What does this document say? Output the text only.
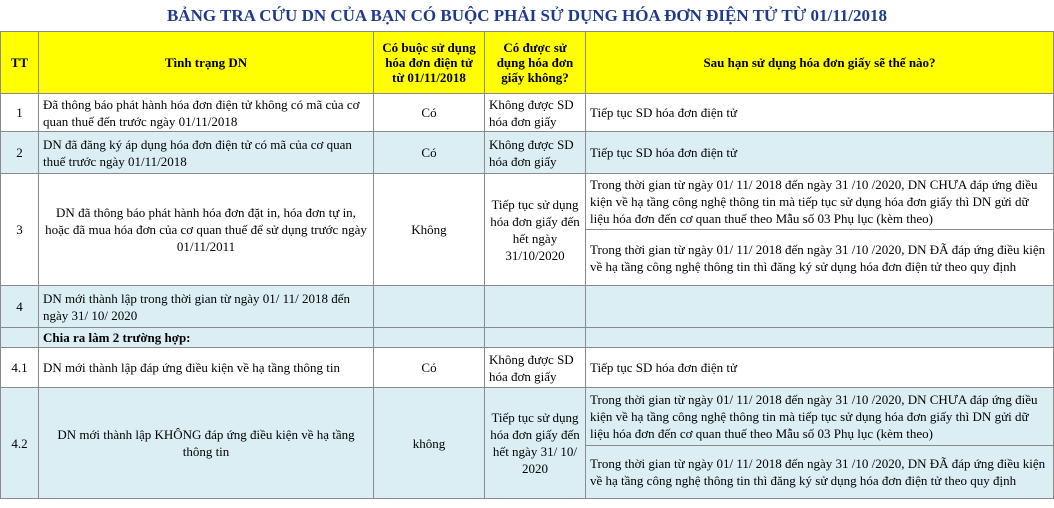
BẢNG TRA CỨU DN CỦA BẠN CÓ BUỘC PHẢI SỬ DỤNG HÓA ĐƠN ĐIỆN TỬ TỪ 01/11/2018
TT	Tình trạng DN	Có buộc sử dụng hóa đơn điện tử từ 01/11/2018	Có được sử dụng hóa đơn giấy không?	Sau hạn sử dụng hóa đơn giấy sẽ thế nào?
1	Đã thông báo phát hành hóa đơn điện tử không có mã của cơ quan thuế đến trước ngày 01/11/2018	Có	Không được SD hóa đơn giấy	Tiếp tục SD hóa đơn điện tử
2	DN đã đăng ký áp dụng hóa đơn điện tử có mã của cơ quan thuế trước ngày 01/11/2018	Có	Không được SD hóa đơn giấy	Tiếp tục SD hóa đơn điện tử
3	DN đã thông báo phát hành hóa đơn đặt in, hóa đơn tự in, hoặc đã mua hóa đơn của cơ quan thuế để sử dụng trước ngày 01/11/2011	Không	Tiếp tục sử dụng hóa đơn giấy đến hết ngày 31/10/2020	Trong thời gian từ ngày 01/ 11/ 2018 đến ngày 31 /10 /2020, DN CHƯA đáp ứng điều kiện về hạ tầng công nghệ thông tin mà tiếp tục sử dụng hóa đơn giấy thì DN gửi dữ liệu hóa đơn đến cơ quan thuế theo Mẫu số 03 Phụ lục (kèm theo)
				Trong thời gian từ ngày 01/ 11/ 2018 đến ngày 31 /10 /2020, DN ĐÃ đáp ứng điều kiện về hạ tầng công nghệ thông tin thì đăng ký sử dụng hóa đơn điện tử theo quy định
4	DN mới thành lập trong thời gian từ ngày 01/ 11/ 2018 đến ngày 31/ 10/ 2020			
	Chia ra làm 2 trường hợp:			
4.1	DN mới thành lập đáp ứng điều kiện về hạ tầng thông tin	Có	Không được SD hóa đơn giấy	Tiếp tục SD hóa đơn điện tử
4.2	DN mới thành lập KHÔNG đáp ứng điều kiện về hạ tầng thông tin	không	Tiếp tục sử dụng hóa đơn giấy đến hết ngày 31/ 10/ 2020	Trong thời gian từ ngày 01/ 11/ 2018 đến ngày 31 /10 /2020, DN CHƯA đáp ứng điều kiện về hạ tầng công nghệ thông tin mà tiếp tục sử dụng hóa đơn giấy thì DN gửi dữ liệu hóa đơn đến cơ quan thuế theo Mẫu số 03 Phụ lục (kèm theo)
				Trong thời gian từ ngày 01/ 11/ 2018 đến ngày 31 /10 /2020, DN ĐÃ đáp ứng điều kiện về hạ tầng công nghệ thông tin thì đăng ký sử dụng hóa đơn điện tử theo quy định
